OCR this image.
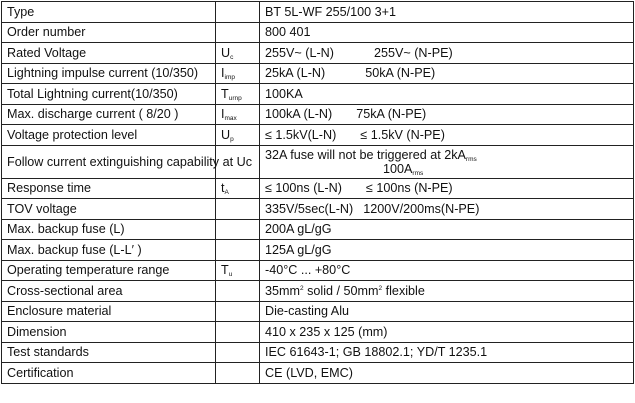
Type		BT 5L-WF 255/100 3+1
Order number		800 401
Rated Voltage	$U_c$	255V~ (L-N) 255V~ (N-PE)
Lightning impulse current (10/350)	$I_{imp}$	25kA (L-N) 50kA (N-PE)
Total Lightning current(10/350)	$T_{urnp}$	100KA
Max. discharge current ( 8/20 )	$I_{max}$	100kA (L-N) 75kA (N-PE)
Voltage protection level	$U_p$	≤ 1.5kV(L-N) ≤ 1.5kV (N-PE)
Follow current extinguishing capability at Uc		32A fuse will not be triggered at $2kA_{rms}$
$100A_{rms}$

Response time	$t_A$	≤ 100ns (L-N) ≤ 100ns (N-PE)
TOV voltage		335V/5sec(L-N) 1200V/200ms(N-PE)
Max. backup fuse (L)		200A gL/gG
Max. backup fuse (L-L′ )		125A gL/gG
Operating temperature range	$T_u$	-40°C ... +80°C
Cross-sectional area		$35mm^2$ solid / $50mm^2$ flexible
Enclosure material		Die-casting Alu
Dimension		410 x 235 x 125 (mm)
Test standards		IEC 61643-1; GB 18802.1; YD/T 1235.1
Certification		CE (LVD, EMC)
